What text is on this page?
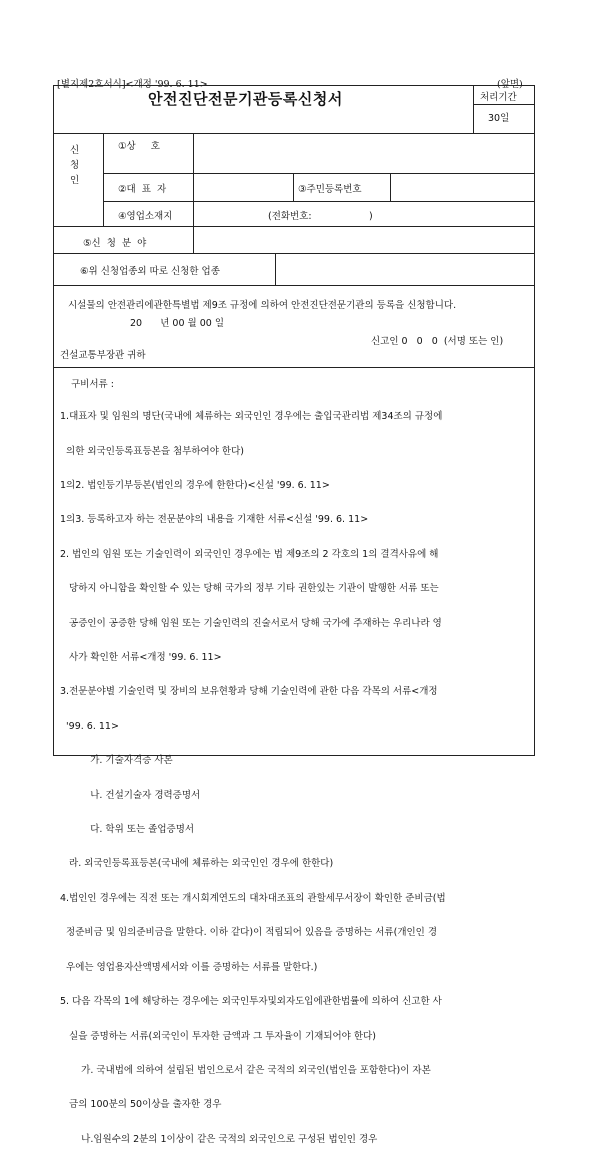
안전진단전문기관등록신청서	처리기간
30일
신
청
인
①상     호
②대  표  자	③주민등록번호
④영업소재지	(전화번호:                   )
⑤신  청  분  야
⑥위 신청업종외 따로 신청한 업종
시설물의 안전관리에관한특별법 제9조 규정에 의하여 안전진단전문기관의 등록을 신청합니다.
20      년 00 월 00 일
신고인 0   0   0  (서명 또는 인)
건설교통부장관 귀하
구비서류 :

1.대표자 및 임원의 명단(국내에 체류하는 외국인인 경우에는 출입국관리법 제34조의 규정에

의한 외국인등록표등본을 첨부하여야 한다)

1의2. 법인등기부등본(법인의 경우에 한한다)<신설 '99. 6. 11>

1의3. 등록하고자 하는 전문분야의 내용을 기재한 서류<신설 '99. 6. 11>

2. 법인의 임원 또는 기술인력이 외국인인 경우에는 법 제9조의 2 각호의 1의 결격사유에 해

당하지 아니함을 확인할 수 있는 당해 국가의 정부 기타 권한있는 기관이 발행한 서류 또는

공증인이 공증한 당해 임원 또는 기술인력의 진술서로서 당해 국가에 주재하는 우리나라 영

사가 확인한 서류<개정 '99. 6. 11>

3.전문분야별 기술인력 및 장비의 보유현황과 당해 기술인력에 관한 다음 각목의 서류<개정

'99. 6. 11>

가. 기술자격증 사본

나. 건설기술자 경력증명서

다. 학위 또는 졸업증명서

라. 외국인등록표등본(국내에 체류하는 외국인인 경우에 한한다)

4.법인인 경우에는 직전 또는 개시회계연도의 대차대조표의 관할세무서장이 확인한 준비금(법

정준비금 및 임의준비금을 말한다. 이하 같다)이 적립되어 있음을 증명하는 서류(개인인 경

우에는 영업용자산액명세서와 이를 증명하는 서류를 말한다.)

5. 다음 각목의 1에 해당하는 경우에는 외국인투자및외자도입에관한법률에 의하여 신고한 사

실을 증명하는 서류(외국인이 투자한 금액과 그 투자율이 기재되어야 한다)

가. 국내법에 의하여 설립된 법인으로서 같은 국적의 외국인(법인을 포함한다)이 자본

금의 100분의 50이상을 출자한 경우

나.임원수의 2분의 1이상이 같은 국적의 외국인으로 구성된 법인인 경우
